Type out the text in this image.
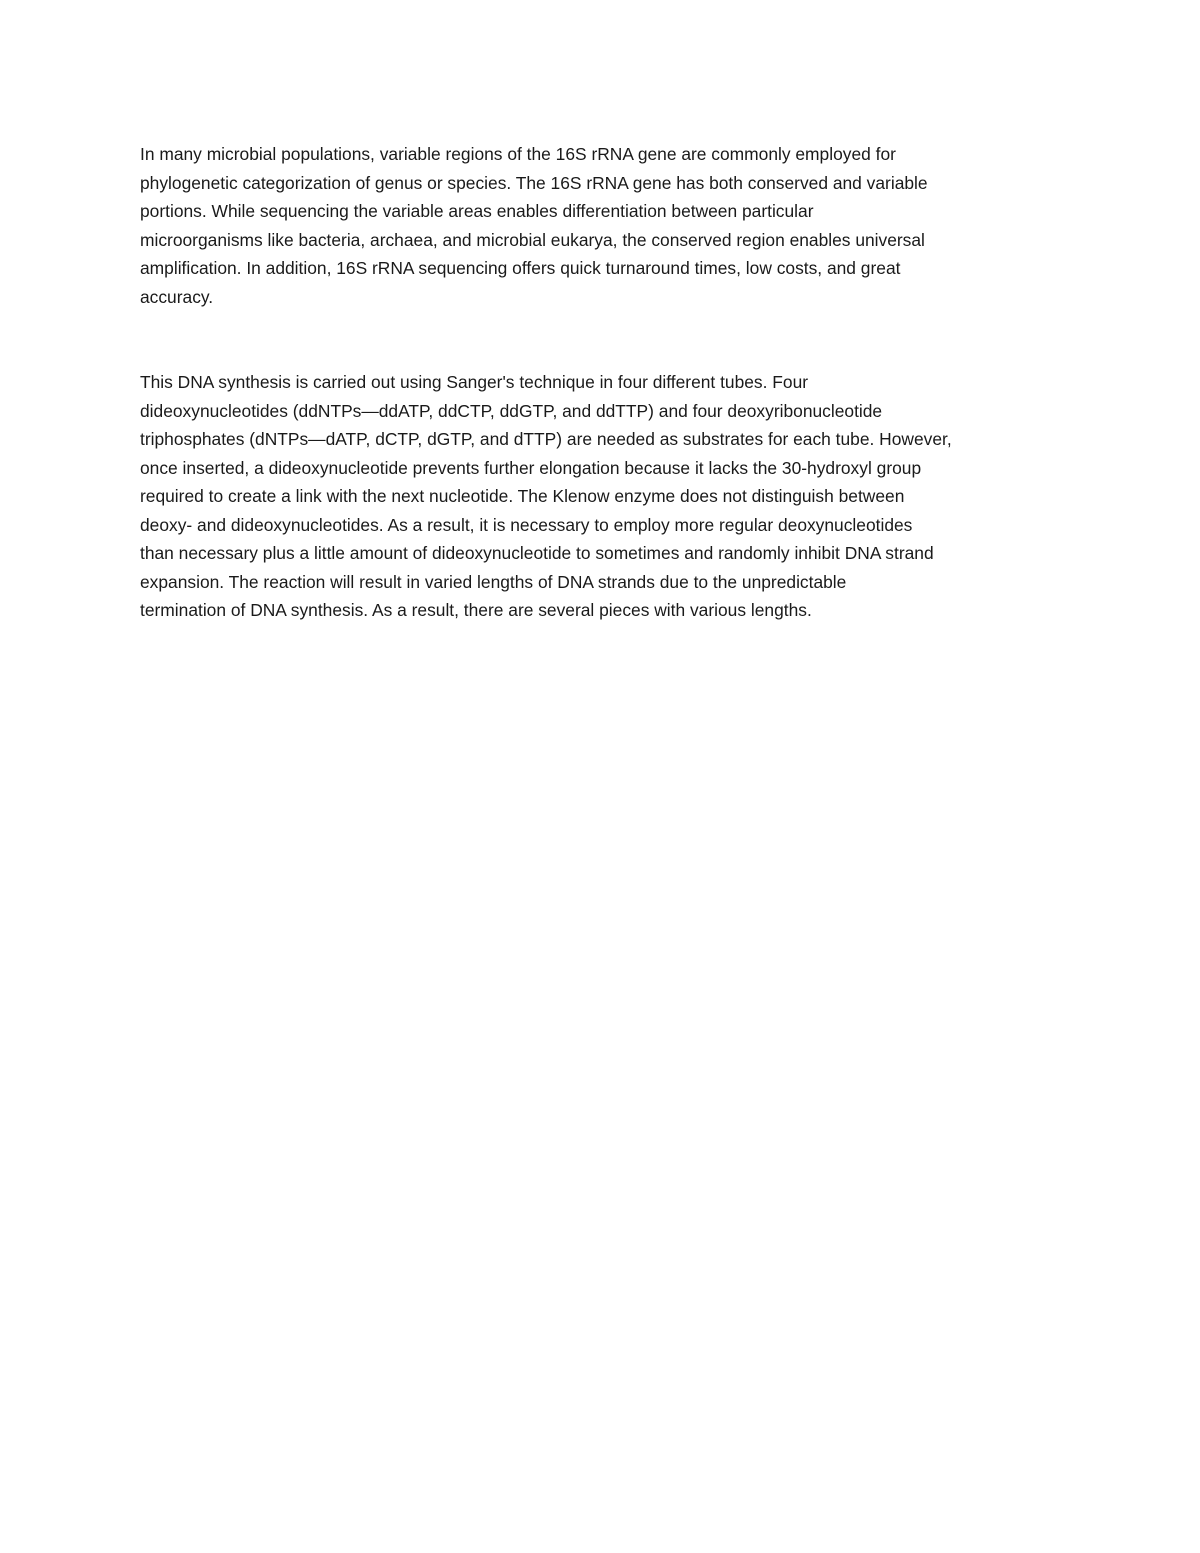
In many microbial populations, variable regions of the 16S rRNA gene are commonly employed for
phylogenetic categorization of genus or species. The 16S rRNA gene has both conserved and variable
portions. While sequencing the variable areas enables differentiation between particular
microorganisms like bacteria, archaea, and microbial eukarya, the conserved region enables universal
amplification. In addition, 16S rRNA sequencing offers quick turnaround times, low costs, and great
accuracy.

This DNA synthesis is carried out using Sanger's technique in four different tubes. Four
dideoxynucleotides (ddNTPs—ddATP, ddCTP, ddGTP, and ddTTP) and four deoxyribonucleotide
triphosphates (dNTPs—dATP, dCTP, dGTP, and dTTP) are needed as substrates for each tube. However,
once inserted, a dideoxynucleotide prevents further elongation because it lacks the 30-hydroxyl group
required to create a link with the next nucleotide. The Klenow enzyme does not distinguish between
deoxy- and dideoxynucleotides. As a result, it is necessary to employ more regular deoxynucleotides
than necessary plus a little amount of dideoxynucleotide to sometimes and randomly inhibit DNA strand
expansion. The reaction will result in varied lengths of DNA strands due to the unpredictable
termination of DNA synthesis. As a result, there are several pieces with various lengths.
